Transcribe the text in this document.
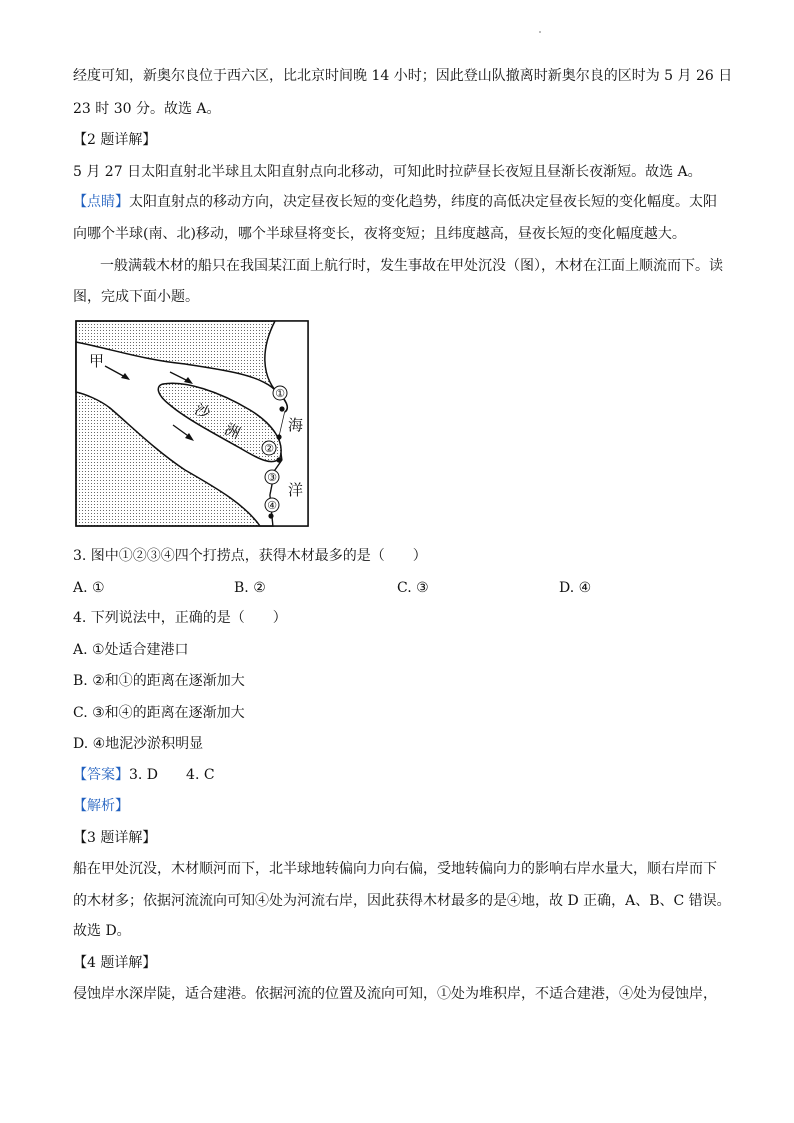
经度可知，新奥尔良位于西六区，比北京时间晚 14 小时；因此登山队撤离时新奥尔良的区时为 5 月 26 日
23 时 30 分。故选 A。
【2 题详解】
5 月 27 日太阳直射北半球且太阳直射点向北移动，可知此时拉萨昼长夜短且昼渐长夜渐短。故选 A。
【点睛】太阳直射点的移动方向，决定昼夜长短的变化趋势，纬度的高低决定昼夜长短的变化幅度。太阳
向哪个半球(南、北)移动，哪个半球昼将变长，夜将变短；且纬度越高，昼夜长短的变化幅度越大。
一般满载木材的船只在我国某江面上航行时，发生事故在甲处沉没（图），木材在江面上顺流而下。读
图，完成下面小题。
①
②
③
④
甲
沙
洲	海
洋
3. 图中①②③④四个打捞点，获得木材最多的是（　　）
A. ①	B. ②	C. ③	D. ④
4. 下列说法中，正确的是（　　）
A. ①处适合建港口
B. ②和①的距离在逐渐加大
C. ③和④的距离在逐渐加大
D. ④地泥沙淤积明显
【答案】3. D　　4. C
【解析】
【3 题详解】
船在甲处沉没，木材顺河而下，北半球地转偏向力向右偏，受地转偏向力的影响右岸水量大，顺右岸而下
的木材多；依据河流流向可知④处为河流右岸，因此获得木材最多的是④地，故 D 正确，A、B、C 错误。
故选 D。
【4 题详解】
侵蚀岸水深岸陡，适合建港。依据河流的位置及流向可知，①处为堆积岸，不适合建港，④处为侵蚀岸，
